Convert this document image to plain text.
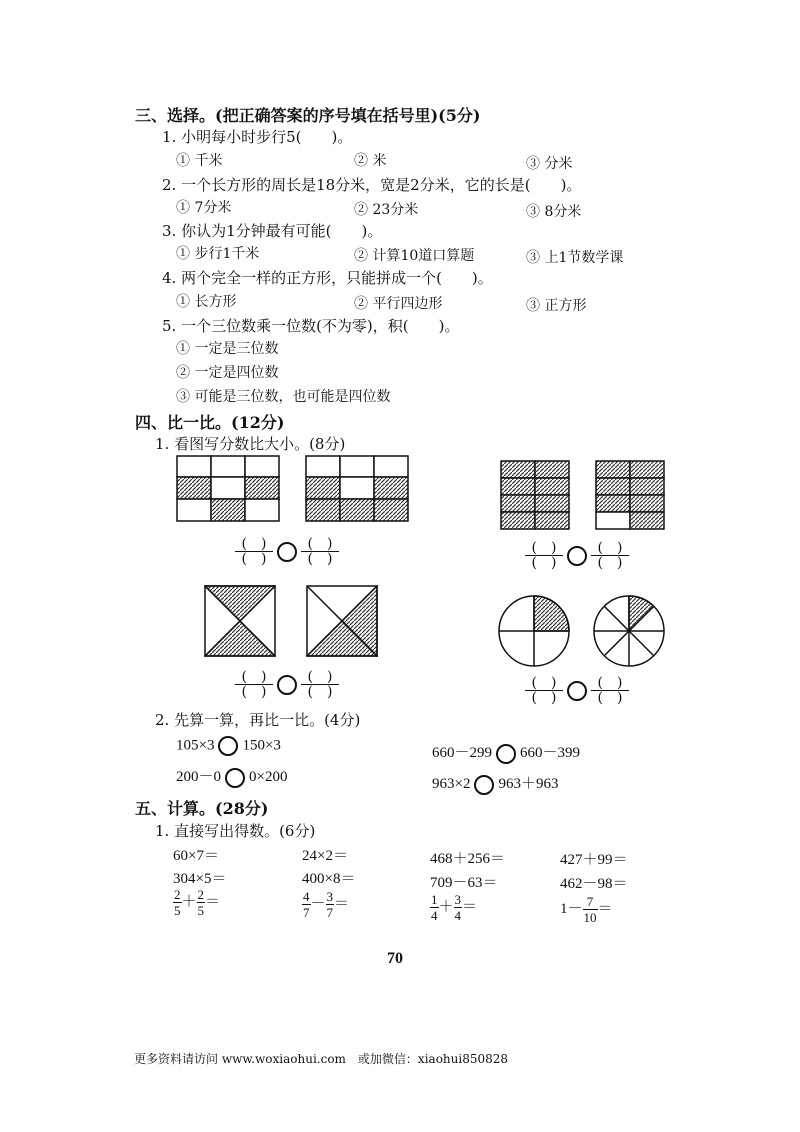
三、选择。(把正确答案的序号填在括号里)(5分)
1. 小明每小时步行5(　　)。
① 千米	② 米	③ 分米
2. 一个长方形的周长是18分米，宽是2分米，它的长是(　　)。
① 7分米	② 23分米	③ 8分米
3. 你认为1分钟最有可能(　　)。
① 步行1千米	② 计算10道口算题	③ 上1节数学课
4. 两个完全一样的正方形，只能拼成一个(　　)。
① 长方形	② 平行四边形	③ 正方形
5. 一个三位数乘一位数(不为零)，积(　　)。
① 一定是三位数
② 一定是四位数
③ 可能是三位数，也可能是四位数
四、比一比。(12分)
1. 看图写分数比大小。(8分)
(　)
(　)
(　)
(　)
(　)
(　)
(　)
(　)
(　)
(　)
(　)
(　)
(　)
(　)
(　)
(　)
2. 先算一算，再比一比。(4分)
105×3 150×3	660－299 660－399
200－0 0×200	963×2 963＋963
五、计算。(28分)
1. 直接写出得数。(6分)
60×7＝	24×2＝	468＋256＝	427＋99＝
304×5＝	400×8＝	709－63＝	462－98＝
$\frac{2}{5} + \frac{2}{5}$ ＝	$\frac{4}{7} - \frac{3}{7}$ ＝	$\frac{1}{4} + \frac{3}{4}$ ＝	$1- \frac{7}{10}$ ＝
70
更多资料请访问 www.woxiaohui.com　或加微信：xiaohui850828
